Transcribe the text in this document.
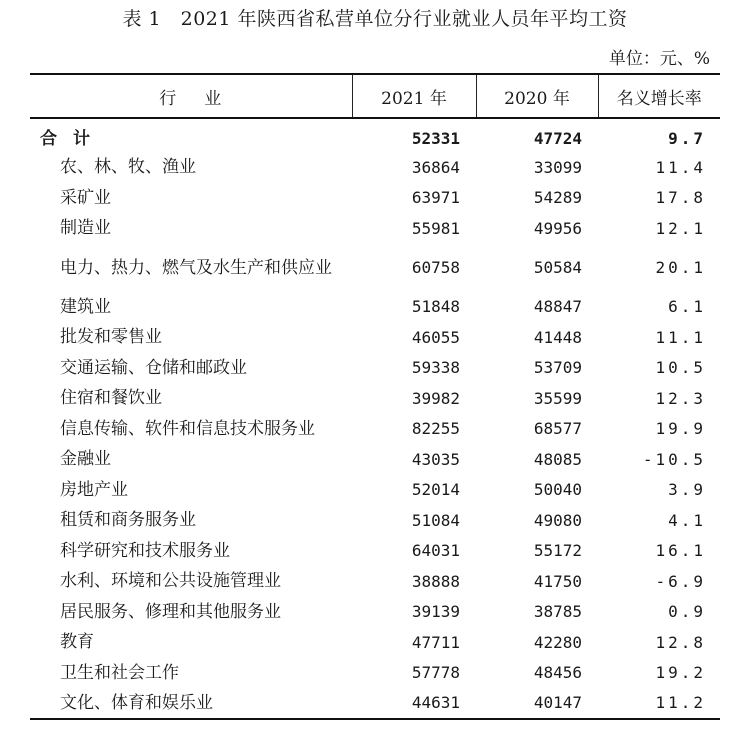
表 1　2021 年陕西省私营单位分行业就业人员年平均工资
单位：元、%
行业	2021 年	2020 年	名义增长率
合计	52331	47724	9.7
农、林、牧、渔业	36864	33099	11.4
采矿业	63971	54289	17.8
制造业	55981	49956	12.1
电力、热力、燃气及水生产和供应业	60758	50584	20.1
建筑业	51848	48847	6.1
批发和零售业	46055	41448	11.1
交通运输、仓储和邮政业	59338	53709	10.5
住宿和餐饮业	39982	35599	12.3
信息传输、软件和信息技术服务业	82255	68577	19.9
金融业	43035	48085	-10.5
房地产业	52014	50040	3.9
租赁和商务服务业	51084	49080	4.1
科学研究和技术服务业	64031	55172	16.1
水利、环境和公共设施管理业	38888	41750	-6.9
居民服务、修理和其他服务业	39139	38785	0.9
教育	47711	42280	12.8
卫生和社会工作	57778	48456	19.2
文化、体育和娱乐业	44631	40147	11.2
